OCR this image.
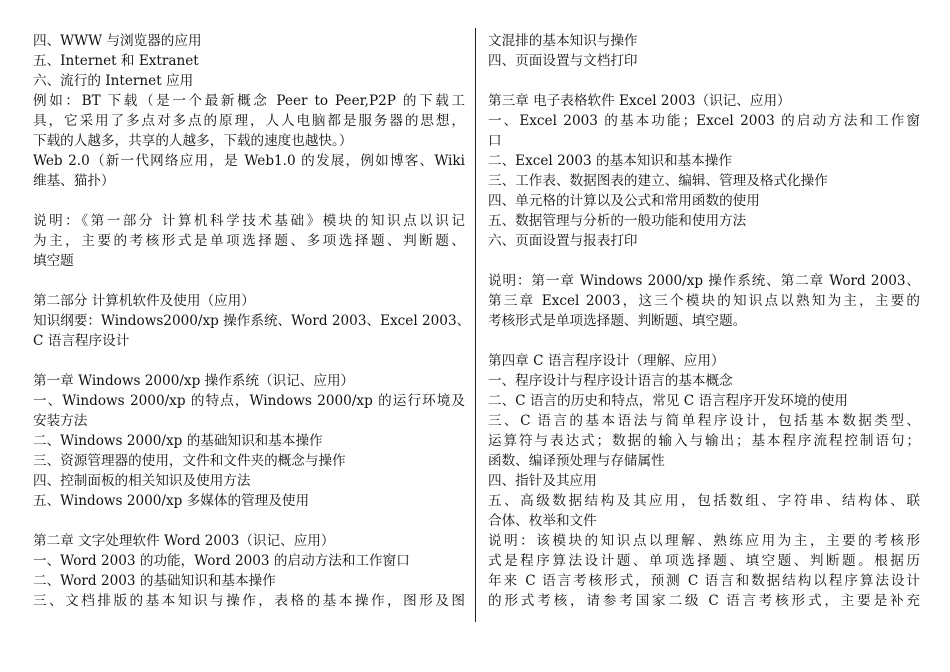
四、WWW 与浏览器的应用
五、Internet 和 Extranet
六、流行的 Internet 应用
例如：BT 下载（是一个最新概念 Peer to Peer,P2P 的下载工
具，它采用了多点对多点的原理，人人电脑都是服务器的思想，
下载的人越多，共享的人越多，下载的速度也越快。）
Web 2.0（新一代网络应用，是 Web1.0 的发展，例如博客、Wiki
维基、猫扑）
说明：《第一部分 计算机科学技术基础》模块的知识点以识记
为主，主要的考核形式是单项选择题、多项选择题、判断题、
填空题
第二部分 计算机软件及使用（应用）
知识纲要：Windows2000/xp 操作系统、Word 2003、Excel 2003、
C 语言程序设计
第一章 Windows 2000/xp 操作系统（识记、应用）
一、Windows 2000/xp 的特点，Windows 2000/xp 的运行环境及
安装方法
二、Windows 2000/xp 的基础知识和基本操作
三、资源管理器的使用，文件和文件夹的概念与操作
四、控制面板的相关知识及使用方法
五、Windows 2000/xp 多媒体的管理及使用
第二章 文字处理软件 Word 2003（识记、应用）
一、Word 2003 的功能，Word 2003 的启动方法和工作窗口
二、Word 2003 的基础知识和基本操作
三、文档排版的基本知识与操作，表格的基本操作，图形及图
文混排的基本知识与操作
四、页面设置与文档打印
第三章 电子表格软件 Excel 2003（识记、应用）
一、Excel 2003 的基本功能；Excel 2003 的启动方法和工作窗
口
二、Excel 2003 的基本知识和基本操作
三、工作表、数据图表的建立、编辑、管理及格式化操作
四、单元格的计算以及公式和常用函数的使用
五、数据管理与分析的一般功能和使用方法
六、页面设置与报表打印
说明：第一章 Windows 2000/xp 操作系统、第二章 Word 2003、
第三章 Excel 2003，这三个模块的知识点以熟知为主，主要的
考核形式是单项选择题、判断题、填空题。
第四章 C 语言程序设计（理解、应用）
一、程序设计与程序设计语言的基本概念
二、C 语言的历史和特点，常见 C 语言程序开发环境的使用
三、C 语言的基本语法与简单程序设计，包括基本数据类型、
运算符与表达式；数据的输入与输出；基本程序流程控制语句；
函数、编译预处理与存储属性
四、指针及其应用
五、高级数据结构及其应用，包括数组、字符串、结构体、联
合体、枚举和文件
说明：该模块的知识点以理解、熟练应用为主，主要的考核形
式是程序算法设计题、单项选择题、填空题、判断题。根据历
年来 C 语言考核形式，预测 C 语言和数据结构以程序算法设计
的形式考核，请参考国家二级 C 语言考核形式，主要是补充
